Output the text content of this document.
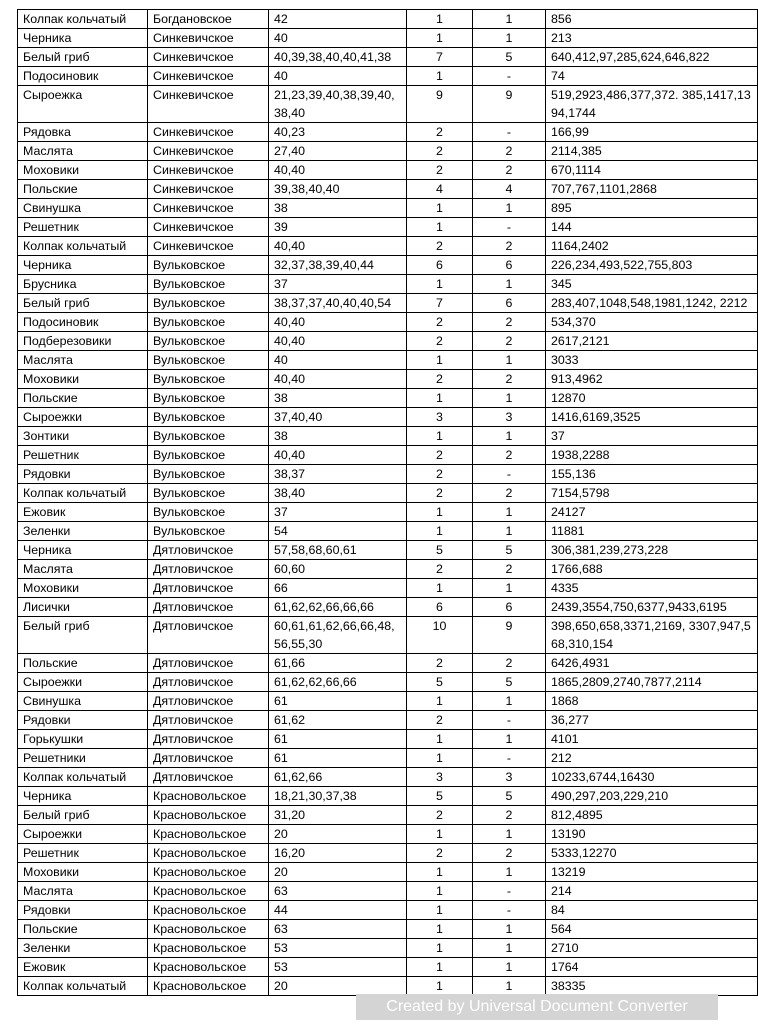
Колпак кольчатый	Богдановское	42	1	1	856
Черника	Синкевичское	40	1	1	213
Белый гриб	Синкевичское	40,39,38,40,40,41,38	7	5	640,412,97,285,624,646,822
Подосиновик	Синкевичское	40	1	-	74
Сыроежка	Синкевичское	21,23,39,40,38,39,40, 38,40	9	9	519,2923,486,377,372. 385,1417,1394,1744
Рядовка	Синкевичское	40,23	2	-	166,99
Маслята	Синкевичское	27,40	2	2	2114,385
Моховики	Синкевичское	40,40	2	2	670,1114
Польские	Синкевичское	39,38,40,40	4	4	707,767,1101,2868
Свинушка	Синкевичское	38	1	1	895
Решетник	Синкевичское	39	1	-	144
Колпак кольчатый	Синкевичское	40,40	2	2	1164,2402
Черника	Вульковское	32,37,38,39,40,44	6	6	226,234,493,522,755,803
Брусника	Вульковское	37	1	1	345
Белый гриб	Вульковское	38,37,37,40,40,40,54	7	6	283,407,1048,548,1981,1242, 2212
Подосиновик	Вульковское	40,40	2	2	534,370
Подберезовики	Вульковское	40,40	2	2	2617,2121
Маслята	Вульковское	40	1	1	3033
Моховики	Вульковское	40,40	2	2	913,4962
Польские	Вульковское	38	1	1	12870
Сыроежки	Вульковское	37,40,40	3	3	1416,6169,3525
Зонтики	Вульковское	38	1	1	37
Решетник	Вульковское	40,40	2	2	1938,2288
Рядовки	Вульковское	38,37	2	-	155,136
Колпак кольчатый	Вульковское	38,40	2	2	7154,5798
Ежовик	Вульковское	37	1	1	24127
Зеленки	Вульковское	54	1	1	11881
Черника	Дятловичское	57,58,68,60,61	5	5	306,381,239,273,228
Маслята	Дятловичское	60,60	2	2	1766,688
Моховики	Дятловичское	66	1	1	4335
Лисички	Дятловичское	61,62,62,66,66,66	6	6	2439,3554,750,6377,9433,6195
Белый гриб	Дятловичское	60,61,61,62,66,66,48, 56,55,30	10	9	398,650,658,3371,2169, 3307,947,568,310,154
Польские	Дятловичское	61,66	2	2	6426,4931
Сыроежки	Дятловичское	61,62,62,66,66	5	5	1865,2809,2740,7877,2114
Свинушка	Дятловичское	61	1	1	1868
Рядовки	Дятловичское	61,62	2	-	36,277
Горькушки	Дятловичское	61	1	1	4101
Решетники	Дятловичское	61	1	-	212
Колпак кольчатый	Дятловичское	61,62,66	3	3	10233,6744,16430
Черника	Красновольское	18,21,30,37,38	5	5	490,297,203,229,210
Белый гриб	Красновольское	31,20	2	2	812,4895
Сыроежки	Красновольское	20	1	1	13190
Решетник	Красновольское	16,20	2	2	5333,12270
Моховики	Красновольское	20	1	1	13219
Маслята	Красновольское	63	1	-	214
Рядовки	Красновольское	44	1	-	84
Польские	Красновольское	63	1	1	564
Зеленки	Красновольское	53	1	1	2710
Ежовик	Красновольское	53	1	1	1764
Колпак кольчатый	Красновольское	20	1	1	38335
Created by Universal Document Converter
